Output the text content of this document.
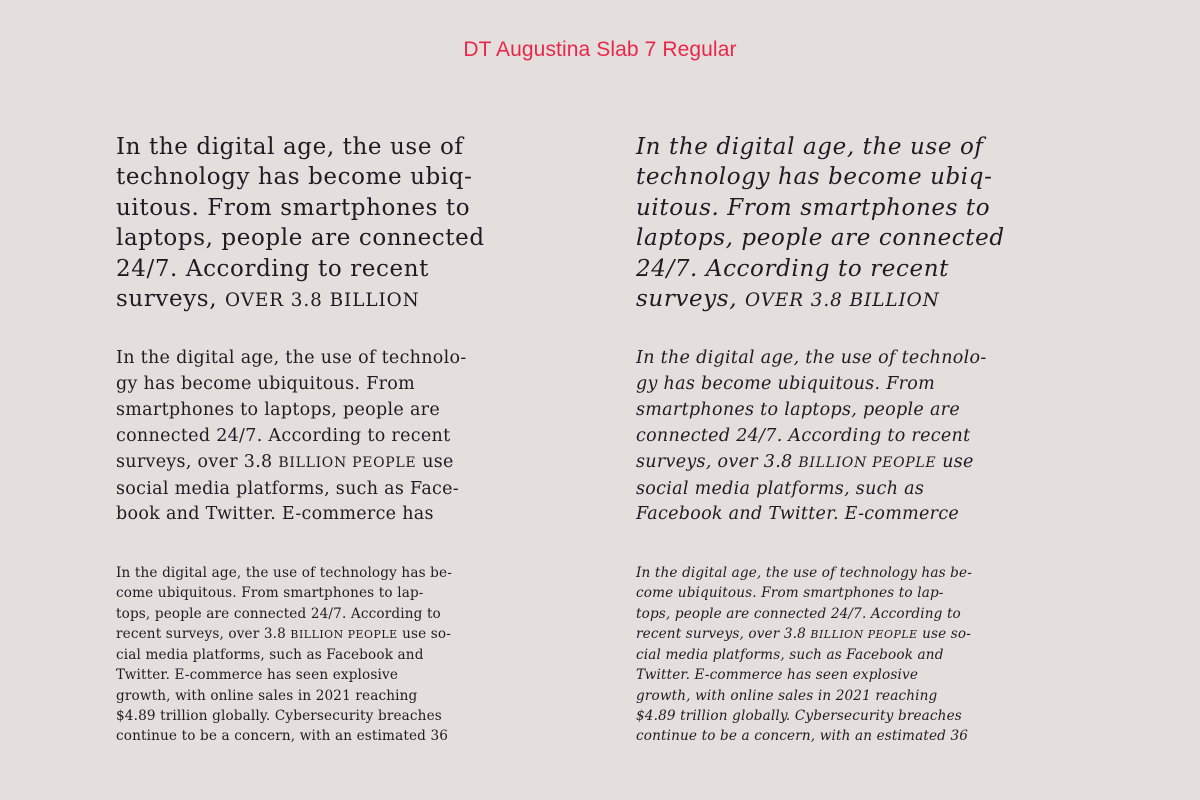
DT Augustina Slab 7 Regular
In the digital age, the use of
technology has become ubiq-
uitous. From smartphones to
laptops, people are connected
24/7. According to recent
surveys, OVER 3.8 BILLION
In the digital age, the use of technolo-
gy has become ubiquitous. From
smartphones to laptops, people are
connected 24/7. According to recent
surveys, over 3.8 BILLION PEOPLE use
social media platforms, such as Face-
book and Twitter. E-commerce has
In the digital age, the use of technology has be-
come ubiquitous. From smartphones to lap-
tops, people are connected 24/7. According to
recent surveys, over 3.8 BILLION PEOPLE use so-
cial media platforms, such as Facebook and
Twitter. E-commerce has seen explosive
growth, with online sales in 2021 reaching
$4.89 trillion globally. Cybersecurity breaches
continue to be a concern, with an estimated 36
In the digital age, the use of
technology has become ubiq-
uitous. From smartphones to
laptops, people are connected
24/7. According to recent
surveys, OVER 3.8 BILLION
In the digital age, the use of technolo-
gy has become ubiquitous. From
smartphones to laptops, people are
connected 24/7. According to recent
surveys, over 3.8 BILLION PEOPLE use
social media platforms, such as
Facebook and Twitter. E-commerce
In the digital age, the use of technology has be-
come ubiquitous. From smartphones to lap-
tops, people are connected 24/7. According to
recent surveys, over 3.8 BILLION PEOPLE use so-
cial media platforms, such as Facebook and
Twitter. E-commerce has seen explosive
growth, with online sales in 2021 reaching
$4.89 trillion globally. Cybersecurity breaches
continue to be a concern, with an estimated 36
